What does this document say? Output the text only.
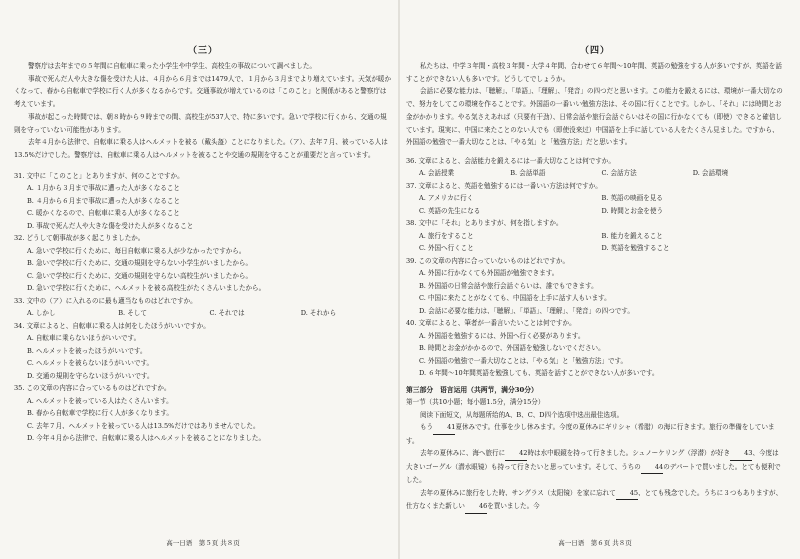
（三）

警察庁は去年までの５年間に自転車に乗った小学生や中学生、高校生の事故について調べました。

事故で死んだ人や大きな傷を受けた人は、４月から６月までは1479人で、１月から３月までより増えています。天気が暖かくなって、春から自転車で学校に行く人が多くなるからです。交通事故が増えているのは「このこと」と関係があると警察庁は考えています。

事故が起こった時間では、朝８時から９時までの間、高校生が537人で、特に多いです。急いで学校に行くから、交通の規則を守っていない可能性があります。

去年４月から法律で、自転車に乗る人はヘルメットを被る（戴头盔）ことになりました。（ア）、去年７月、被っている人は13.5%だけでした。警察庁は、自転車に乗る人はヘルメットを被ることや交通の規則を守ることが重要だと言っています。

31. 文中に「このこと」とありますが、何のことですか。

A. １月から３月まで事故に遭った人が多くなること

B. ４月から６月まで事故に遭った人が多くなること

C. 暖かくなるので、自転車に乗る人が多くなること

D. 事故で死んだ人や大きな傷を受けた人が多くなること

32. どうして朝事故が多く起こりましたか。

A. 急いで学校に行くために、毎日自転車に乗る人が少なかったですから。

B. 急いで学校に行くために、交通の規則を守らない小学生がいましたから。

C. 急いで学校に行くために、交通の規則を守らない高校生がいましたから。

D. 急いで学校に行くために、ヘルメットを被る高校生がたくさんいましたから。

33. 文中の（ア）に入れるのに最も適当なものはどれですか。

A. しかし	B. そして	C. それでは	D. それから

34. 文章によると、自転車に乗る人は何をしたほうがいいですか。

A. 自転車に乗らないほうがいいです。

B. ヘルメットを被ったほうがいいです。

C. ヘルメットを被らないほうがいいです。

D. 交通の規則を守らないほうがいいです。

35. この文章の内容に合っているものはどれですか。

A. ヘルメットを被っている人はたくさんいます。

B. 春から自転車で学校に行く人が多くなります。

C. 去年７月、ヘルメットを被っている人は13.5%だけではありませんでした。

D. 今年４月から法律で、自転車に乗る人はヘルメットを被ることになりました。

高一日语　第５页 共８页
（四）

私たちは、中学３年間・高校３年間・大学４年間、合わせて６年間〜10年間、英語の勉強をする人が多いですが、英語を話すことができない人も多いです。どうしてでしょうか。

会話に必要な能力は、「聴解」、「単語」、「理解」、「発音」の四つだと思います。この能力を鍛えるには、環境が一番大切なので、努力をしてこの環境を作ることです。外国語の一番いい勉強方法は、その国に行くことです。しかし、「それ」には時間とお金がかかります。やる気さえあれば（只要有干劲）、日常会話や旅行会話ぐらいはその国に行かなくても（即使）できると確信しています。現実に、中国に来たことのない人でも（即使没来过）中国語を上手に話している人をたくさん見ました。ですから、外国語の勉強で一番大切なことは、「やる気」と「勉強方法」だと思います。

36. 文章によると、会話能力を鍛えるには一番大切なことは何ですか。

A. 会話授業	B. 会話単語	C. 会話方法	D. 会話環境

37. 文章によると、英語を勉強するには一番いい方法は何ですか。

A. アメリカに行く	B. 英語の映画を見る
C. 英語の先生になる	D. 時間とお金を使う

38. 文中に「それ」とありますが、何を指しますか。

A. 旅行をすること	B. 能力を鍛えること
C. 外国へ行くこと	D. 英語を勉強すること

39. この文章の内容に合っていないものはどれですか。

A. 外国に行かなくても外国語が勉強できます。

B. 外国語の日常会話や旅行会話ぐらいは、誰でもできます。

C. 中国に来たことがなくても、中国語を上手に話す人もいます。

D. 会話に必要な能力は、「聴解」、「単語」、「理解」、「発音」の四つです。

40. 文章によると、筆者が一番言いたいことは何ですか。

A. 外国語を勉強するには、外国へ行く必要があります。

B. 時間とお金がかかるので、外国語を勉強しないでください。

C. 外国語の勉強で一番大切なことは、「やる気」と「勉強方法」です。

D. ６年間〜10年間英語を勉強しても、英語を話すことができない人が多いです。

第三部分　语言运用（共两节，满分30分）

第一节（共10小题；每小题1.5分，满分15分）

阅读下面短文，从每题所给的A、B、C、D四个选项中选出最佳选项。

もう 41夏休みです。仕事を少し休みます。今度の夏休みにギリシャ（希腊）の海に行きます。旅行の準備をしています。

去年の夏休みに、海へ旅行に 42時は水中眼鏡を持って行きました。シュノーケリング（浮潜）が好き 43、今度は大きいゴーグル（潜水眼镜）も持って行きたいと思っています。そして、うちの 44のデパートで買いました。とても便利でした。

去年の夏休みに旅行をした時、サングラス（太阳镜）を家に忘れて 45、とても残念でした。うちに３つもありますが、仕方なくまた新しい 46を買いました。今

高一日语　第６页 共８页
